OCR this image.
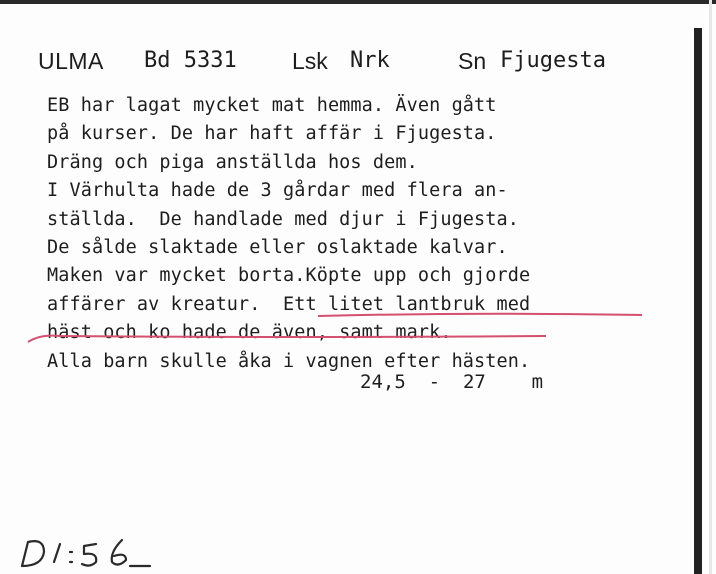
ULMA Bd 5331 Lsk Nrk	Sn Fjugesta
EB har lagat mycket mat hemma. Även gått
på kurser. De har haft affär i Fjugesta.
Dräng och piga anställda hos dem.
I Värhulta hade de 3 gårdar med flera an-
ställda.  De handlade med djur i Fjugesta.
De sålde slaktade eller oslaktade kalvar.
Maken var mycket borta.Köpte upp och gjorde
affärer av kreatur.  Ett litet lantbruk med
häst och ko hade de även, samt mark.
Alla barn skulle åka i vagnen efter hästen.
24,5  -  27    m
